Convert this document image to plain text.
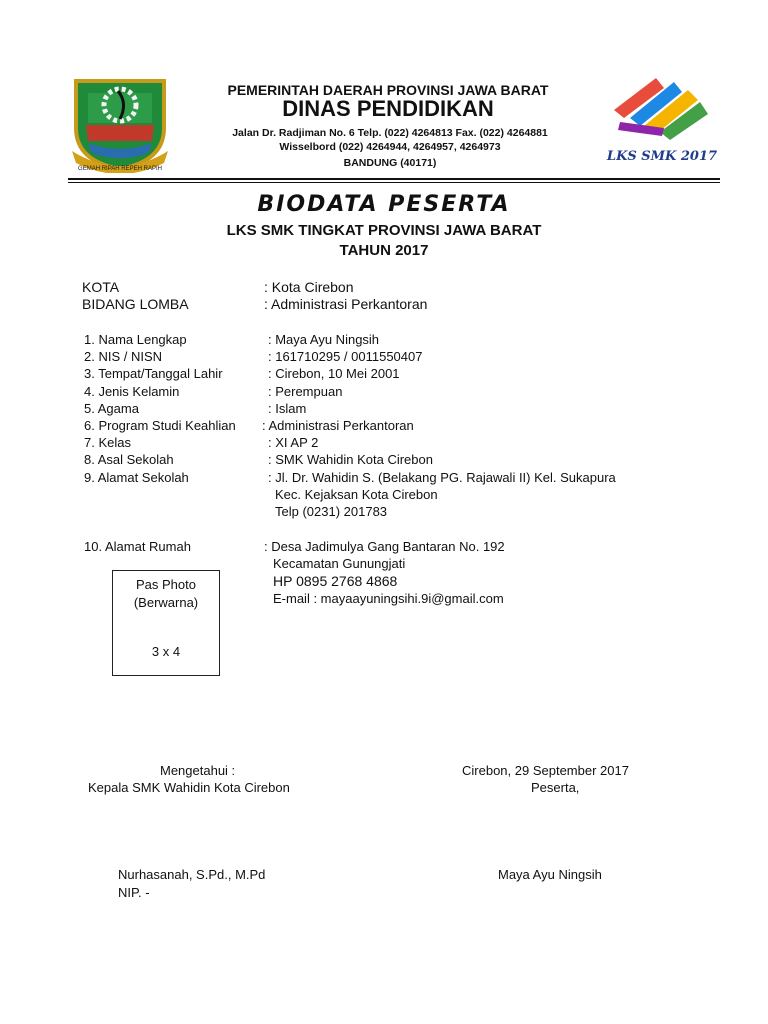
GEMAH RIPAH REPEH RAPIH
PEMERINTAH DAERAH PROVINSI JAWA BARAT
DINAS PENDIDIKAN
Jalan Dr. Radjiman No. 6 Telp. (022) 4264813 Fax. (022) 4264881
Wisselbord (022) 4264944, 4264957, 4264973
BANDUNG (40171)	LKS SMK 2017
BIODATA PESERTA
LKS SMK TINGKAT PROVINSI JAWA BARAT
TAHUN 2017
KOTA	: Kota Cirebon
BIDANG LOMBA	: Administrasi Perkantoran
1. Nama Lengkap	: Maya Ayu Ningsih
2. NIS / NISN	: 161710295 / 0011550407
3. Tempat/Tanggal Lahir	: Cirebon, 10 Mei 2001
4. Jenis Kelamin	: Perempuan
5. Agama	: Islam
6. Program Studi Keahlian : Administrasi Perkantoran
7. Kelas	: XI AP 2
8. Asal Sekolah	: SMK Wahidin Kota Cirebon
9. Alamat Sekolah	: Jl. Dr. Wahidin S. (Belakang PG. Rajawali II) Kel. Sukapura
Kec. Kejaksan Kota Cirebon
Telp (0231) 201783
10. Alamat Rumah	: Desa Jadimulya Gang Bantaran No. 192
Kecamatan Gunungjati
HP 0895 2768 4868
E-mail : mayaayuningsihi.9i@gmail.com
Pas Photo
(Berwarna)
3 x 4
Mengetahui :
Kepala SMK Wahidin Kota Cirebon
Nurhasanah, S.Pd., M.Pd
NIP. -
Cirebon, 29 September 2017
Peserta,
Maya Ayu Ningsih
